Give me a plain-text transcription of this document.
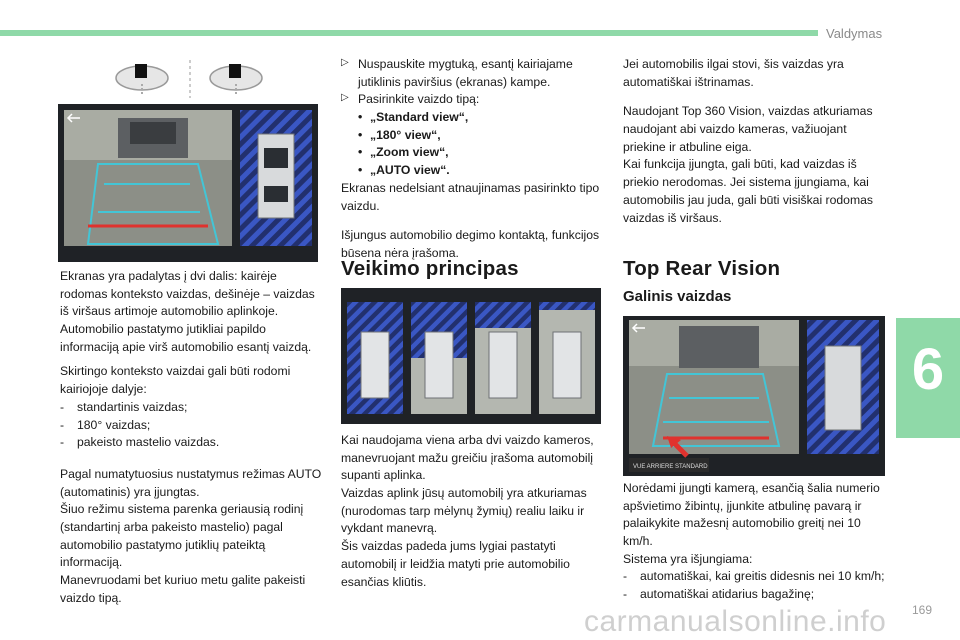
Valdymas
6

Ekranas yra padalytas į dvi dalis: kairėje rodomas konteksto vaizdas, dešinėje – vaizdas iš viršaus artimoje automobilio aplinkoje. Automobilio pastatymo jutikliai papildo informaciją apie virš automobilio esantį vaizdą.

Skirtingo konteksto vaizdai gali būti rodomi kairiojoje dalyje:

- standartinis vaizdas;
- 180° vaizdas;
- pakeisto mastelio vaizdas.

Pagal numatytuosius nustatymus režimas AUTO (automatinis) yra įjungtas.
Šiuo režimu sistema parenka geriausią rodinį (standartinį arba pakeisto mastelio) pagal automobilio pastatymo jutiklių pateiktą informaciją.
Manevruodami bet kuriuo metu galite pakeisti vaizdo tipą.

▷ Nuspauskite mygtuką, esantį kairiajame jutiklinis paviršius (ekranas) kampe.
▷ Pasirinkite vaizdo tipą:
• „Standard view“,
• „180° view“,
• „Zoom view“,
• „AUTO view“.

Ekranas nedelsiant atnaujinamas pasirinkto tipo vaizdu.

Išjungus automobilio degimo kontaktą, funkcijos būsena nėra įrašoma.

Veikimo principas

Kai naudojama viena arba dvi vaizdo kameros, manevruojant mažu greičiu įrašoma automobilį supanti aplinka.
Vaizdas aplink jūsų automobilį yra atkuriamas (nurodomas tarp mėlynų žymių) realiu laiku ir vykdant manevrą.
Šis vaizdas padeda jums lygiai pastatyti automobilį ir leidžia matyti prie automobilio esančias kliūtis.

Jei automobilis ilgai stovi, šis vaizdas yra automatiškai ištrinamas.

Naudojant Top 360 Vision, vaizdas atkuriamas naudojant abi vaizdo kameras, važiuojant priekine ir atbuline eiga.
Kai funkcija įjungta, gali būti, kad vaizdas iš priekio nerodomas. Jei sistema įjungiama, kai automobilis jau juda, gali būti visiškai rodomas vaizdas iš viršaus.

Top Rear Vision
Galinis vaizdas
VUE ARRIERE STANDARD

Norėdami įjungti kamerą, esančią šalia numerio apšvietimo žibintų, įjunkite atbulinę pavarą ir palaikykite mažesnį automobilio greitį nei 10 km/h.
Sistema yra išjungiama:

- automatiškai, kai greitis didesnis nei 10 km/h;
- automatiškai atidarius bagažinę;
carmanualsonline.info 169
